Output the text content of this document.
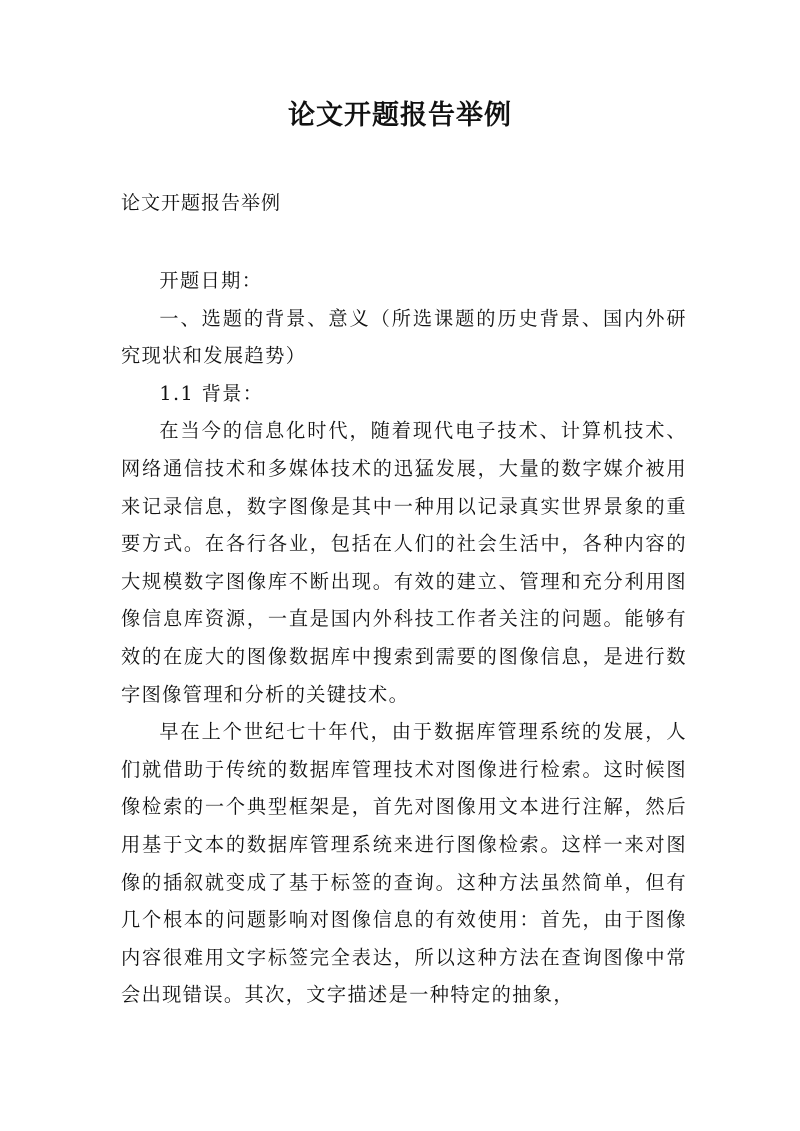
论文开题报告举例
论文开题报告举例

开题日期：

一、选题的背景、意义（所选课题的历史背景、国内外研究现状和发展趋势）

1.1 背景：

在当今的信息化时代，随着现代电子技术、计算机技术、网络通信技术和多媒体技术的迅猛发展，大量的数字媒介被用来记录信息，数字图像是其中一种用以记录真实世界景象的重要方式。在各行各业，包括在人们的社会生活中，各种内容的大规模数字图像库不断出现。有效的建立、管理和充分利用图像信息库资源，一直是国内外科技工作者关注的问题。能够有效的在庞大的图像数据库中搜索到需要的图像信息，是进行数字图像管理和分析的关键技术。

早在上个世纪七十年代，由于数据库管理系统的发展，人们就借助于传统的数据库管理技术对图像进行检索。这时候图像检索的一个典型框架是，首先对图像用文本进行注解，然后用基于文本的数据库管理系统来进行图像检索。这样一来对图像的插叙就变成了基于标签的查询。这种方法虽然简单，但有几个根本的问题影响对图像信息的有效使用：首先，由于图像内容很难用文字标签完全表达，所以这种方法在查询图像中常会出现错误。其次，文字描述是一种特定的抽象，
